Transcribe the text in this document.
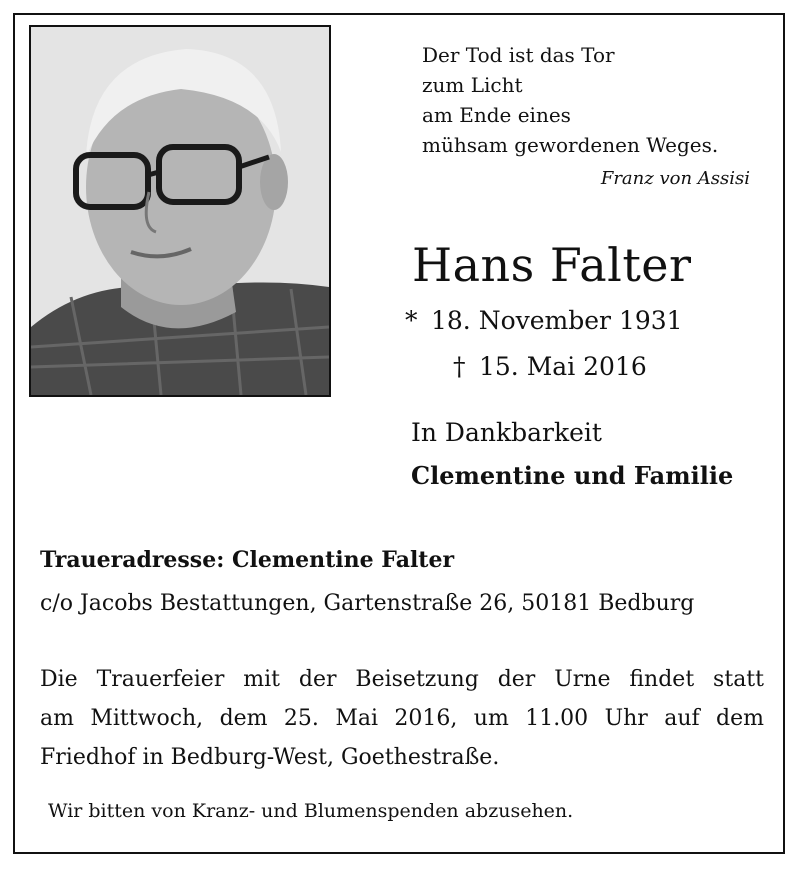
Der Tod ist das Tor
zum Licht
am Ende eines
mühsam gewordenen Weges.
Franz von Assisi
Hans Falter
* 18. November 1931
† 15. Mai 2016
In Dankbarkeit
Clementine und Familie
Traueradresse: Clementine Falter
c/o Jacobs Bestattungen, Gartenstraße 26, 50181 Bedburg
Die Trauerfeier mit der Beisetzung der Urne findet statt
am Mittwoch, dem 25. Mai 2016, um 11.00 Uhr auf dem
Friedhof in Bedburg-West, Goethestraße.
Wir bitten von Kranz- und Blumenspenden abzusehen.
